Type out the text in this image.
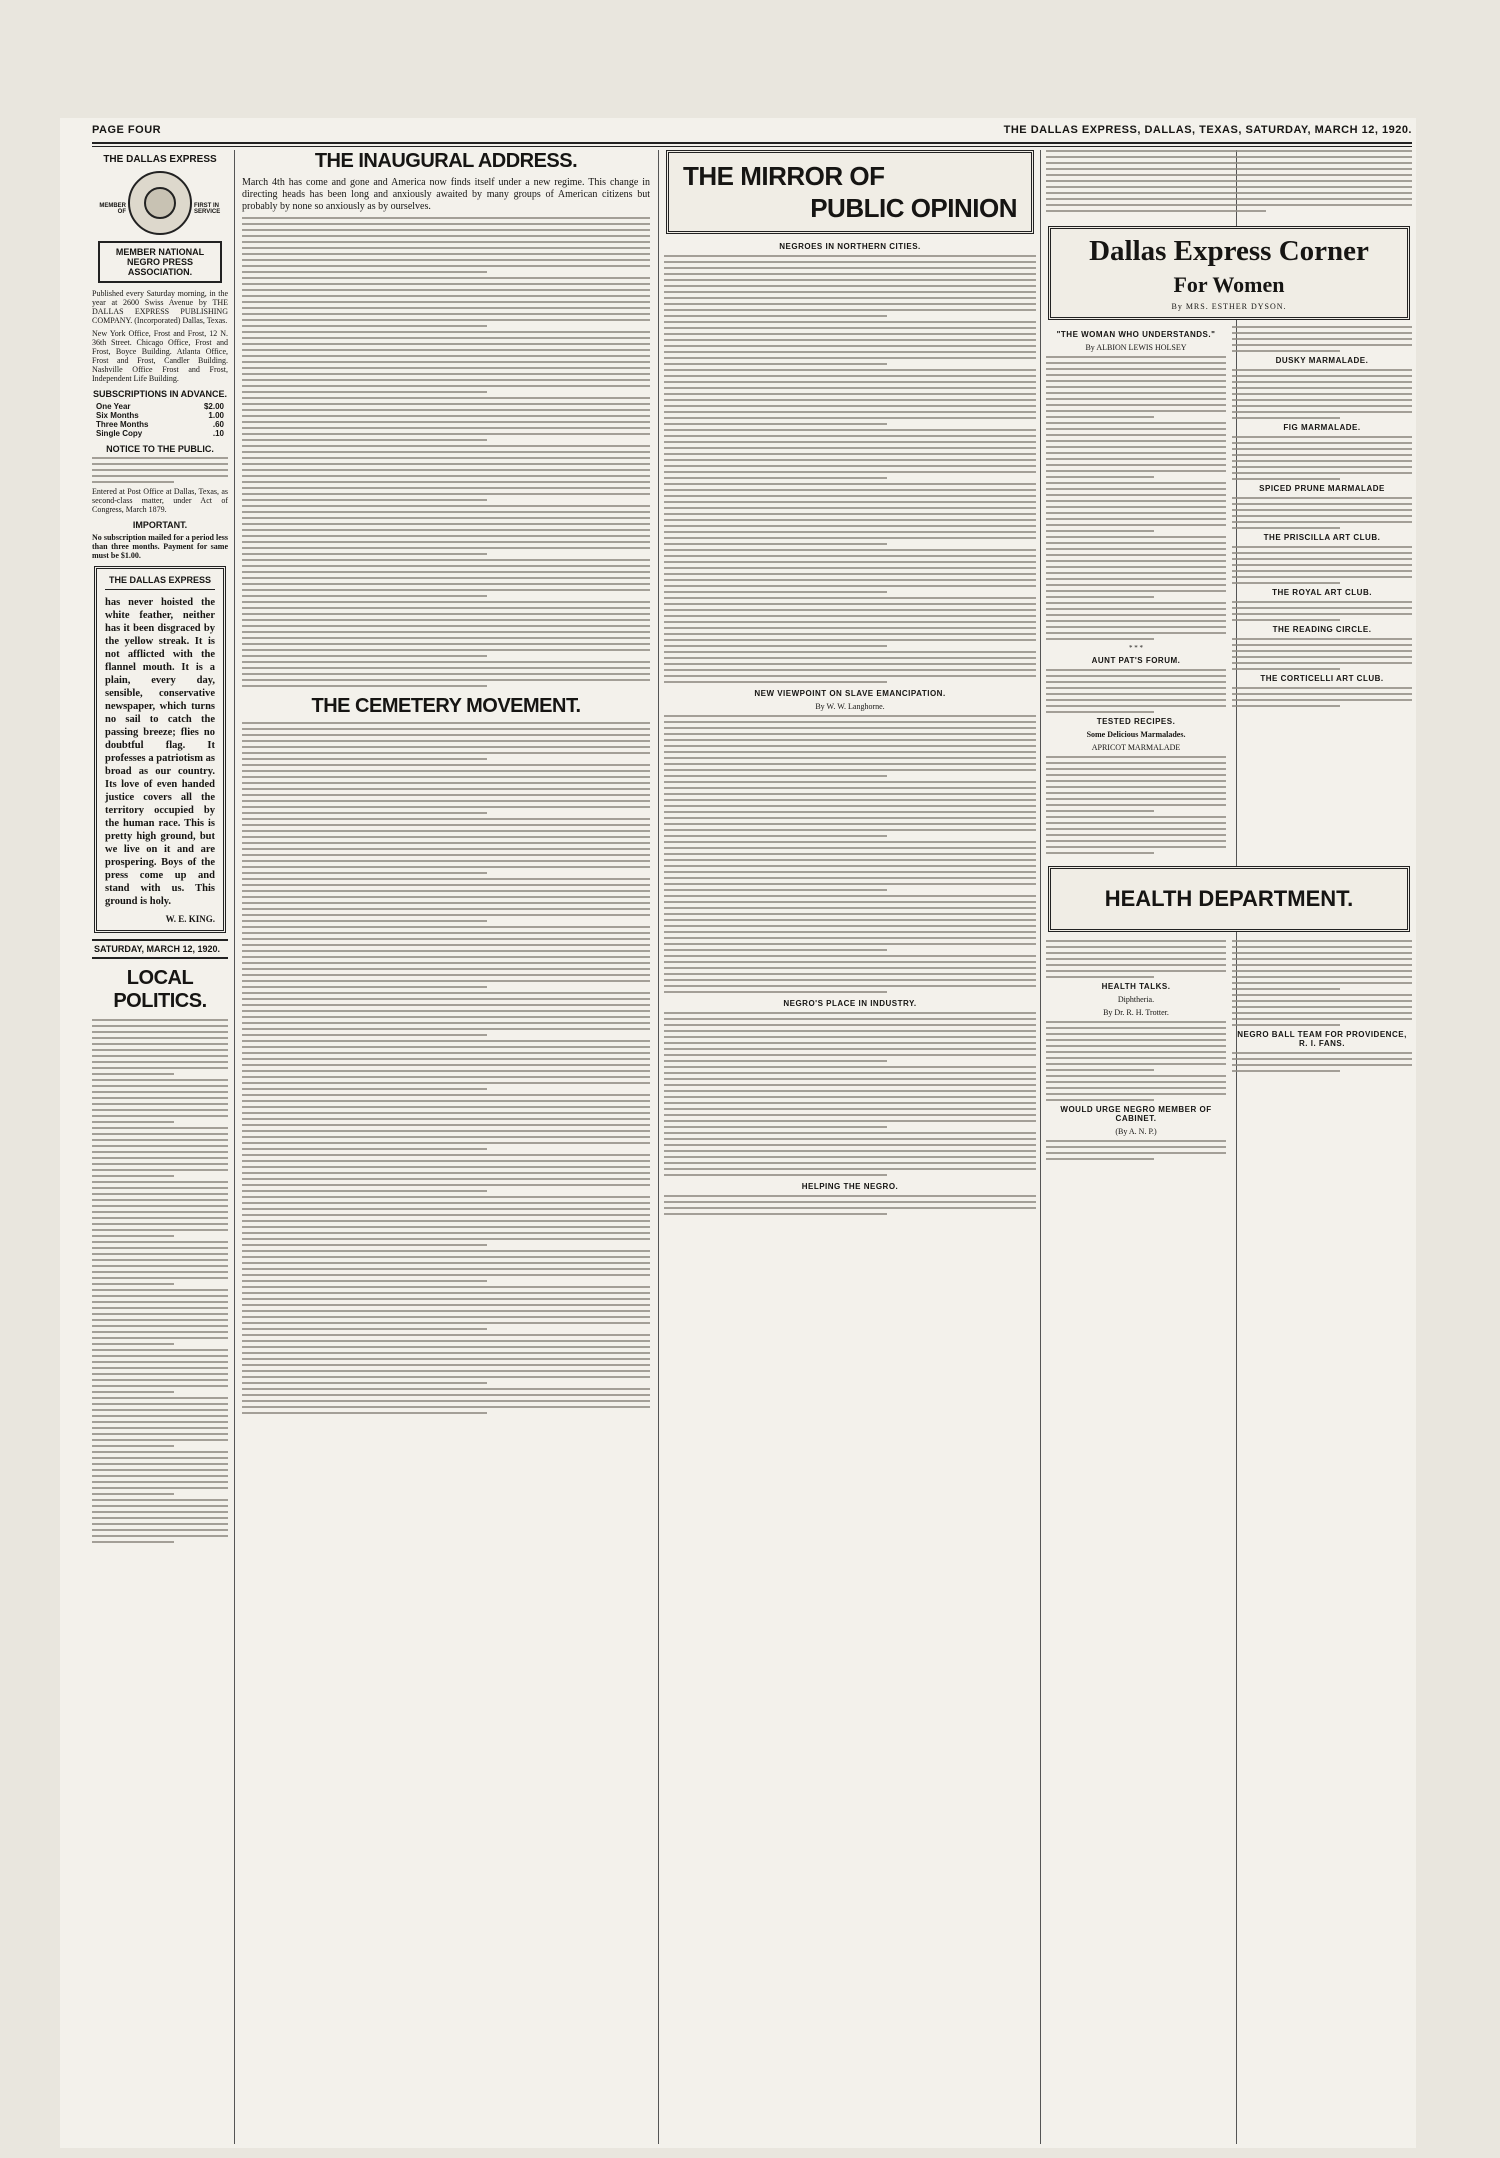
PAGE FOUR	THE DALLAS EXPRESS, DALLAS, TEXAS, SATURDAY, MARCH 12, 1920.
THE DALLAS EXPRESS
MEMBER OF
FIRST IN SERVICE
MEMBER NATIONAL NEGRO PRESS ASSOCIATION.

Published every Saturday morning, in the year at 2600 Swiss Avenue by THE DALLAS EXPRESS PUBLISHING COMPANY. (Incorporated) Dallas, Texas.

New York Office, Frost and Frost, 12 N. 36th Street. Chicago Office, Frost and Frost, Boyce Building. Atlanta Office, Frost and Frost, Candler Building. Nashville Office Frost and Frost, Independent Life Building.

SUBSCRIPTIONS IN ADVANCE.
One Year	$2.00
Six Months	1.00
Three Months	.60
Single Copy	.10
NOTICE TO THE PUBLIC.

Entered at Post Office at Dallas, Texas, as second-class matter, under Act of Congress, March 1879.

IMPORTANT.

No subscription mailed for a period less than three months. Payment for same must be $1.00.

THE DALLAS EXPRESS

has never hoisted the white feather, neither has it been disgraced by the yellow streak. It is not afflicted with the flannel mouth. It is a plain, every day, sensible, conservative newspaper, which turns no sail to catch the passing breeze; flies no doubtful flag. It professes a patriotism as broad as our country. Its love of even handed justice covers all the territory occupied by the human race. This is pretty high ground, but we live on it and are prospering. Boys of the press come up and stand with us. This ground is holy.

W. E. KING.
SATURDAY, MARCH 12, 1920.
LOCAL POLITICS.
THE INAUGURAL ADDRESS.

March 4th has come and gone and America now finds itself under a new regime. This change in directing heads has been long and anxiously awaited by many groups of American citizens but probably by none so anxiously as by ourselves.

THE CEMETERY MOVEMENT.
THE MIRROR OF
PUBLIC OPINION
NEGROES IN NORTHERN CITIES.
NEW VIEWPOINT ON SLAVE EMANCIPATION.
By W. W. Langhorne.
NEGRO'S PLACE IN INDUSTRY.
HELPING THE NEGRO.
Dallas Express Corner
For Women
By MRS. ESTHER DYSON.
"THE WOMAN WHO UNDERSTANDS."
By ALBION LEWIS HOLSEY
* * *
AUNT PAT'S FORUM.
TESTED RECIPES.
Some Delicious Marmalades.
APRICOT MARMALADE
DUSKY MARMALADE.
FIG MARMALADE.
SPICED PRUNE MARMALADE
THE PRISCILLA ART CLUB.
THE ROYAL ART CLUB.
THE READING CIRCLE.
THE CORTICELLI ART CLUB.
HEALTH DEPARTMENT.
HEALTH TALKS.
Diphtheria.
By Dr. R. H. Trotter.
WOULD URGE NEGRO MEMBER OF CABINET.
(By A. N. P.)
NEGRO BALL TEAM FOR PROVIDENCE, R. I. FANS.
